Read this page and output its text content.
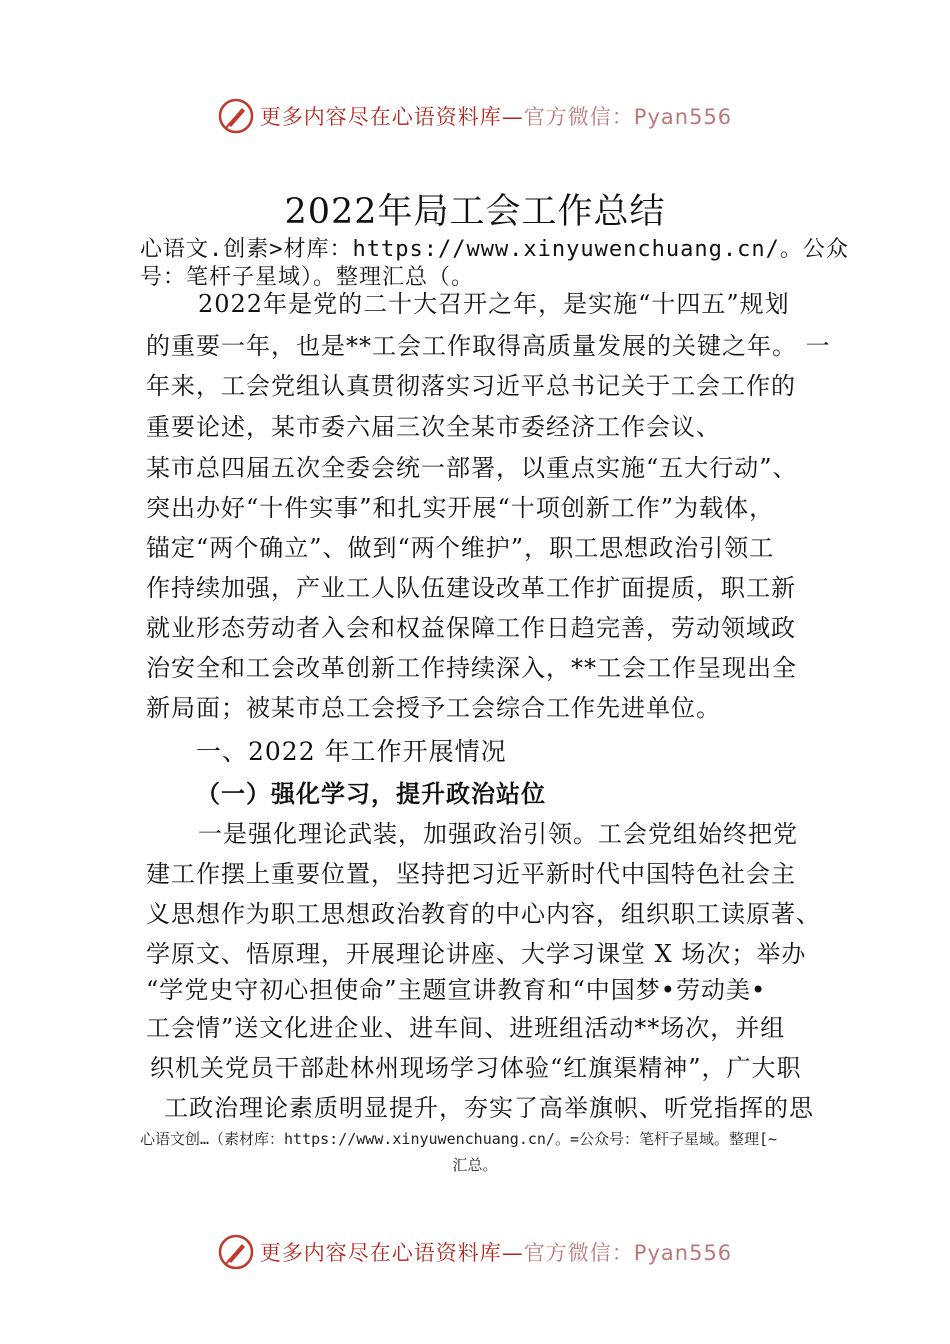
更多内容尽在心语资料库—官方微信：Pyan556
2022年局工会工作总结
心语文.创素>材库：https://www.xinyuwenchuang.cn/。公众
号：笔杆子星域）。整理汇总（。
2022年是党的二十大召开之年，是实施“十四五”规划
的重要一年，也是**工会工作取得高质量发展的关键之年。 一
年来，工会党组认真贯彻落实习近平总书记关于工会工作的
重要论述，某市委六届三次全某市委经济工作会议、
某市总四届五次全委会统一部署，以重点实施“五大行动”、
突出办好“十件实事”和扎实开展“十项创新工作”为载体，
锚定“两个确立”、做到“两个维护”，职工思想政治引领工
作持续加强，产业工人队伍建设改革工作扩面提质，职工新
就业形态劳动者入会和权益保障工作日趋完善，劳动领域政
治安全和工会改革创新工作持续深入，**工会工作呈现出全
新局面；被某市总工会授予工会综合工作先进单位。
一、2022 年工作开展情况
（一）强化学习，提升政治站位
一是强化理论武装，加强政治引领。工会党组始终把党
建工作摆上重要位置，坚持把习近平新时代中国特色社会主
义思想作为职工思想政治教育的中心内容，组织职工读原著、
学原文、悟原理，开展理论讲座、大学习课堂 X 场次；举办
“学党史守初心担使命”主题宣讲教育和“中国梦•劳动美•
工会情”送文化进企业、进车间、进班组活动**场次，并组
织机关党员干部赴林州现场学习体验“红旗渠精神”，广大职
工政治理论素质明显提升，夯实了高举旗帜、听党指挥的思
心语文创…（素材库：https://www.xinyuwenchuang.cn/。=公众号：笔杆子星域。整理[~
汇总。
更多内容尽在心语资料库—官方微信：Pyan556
